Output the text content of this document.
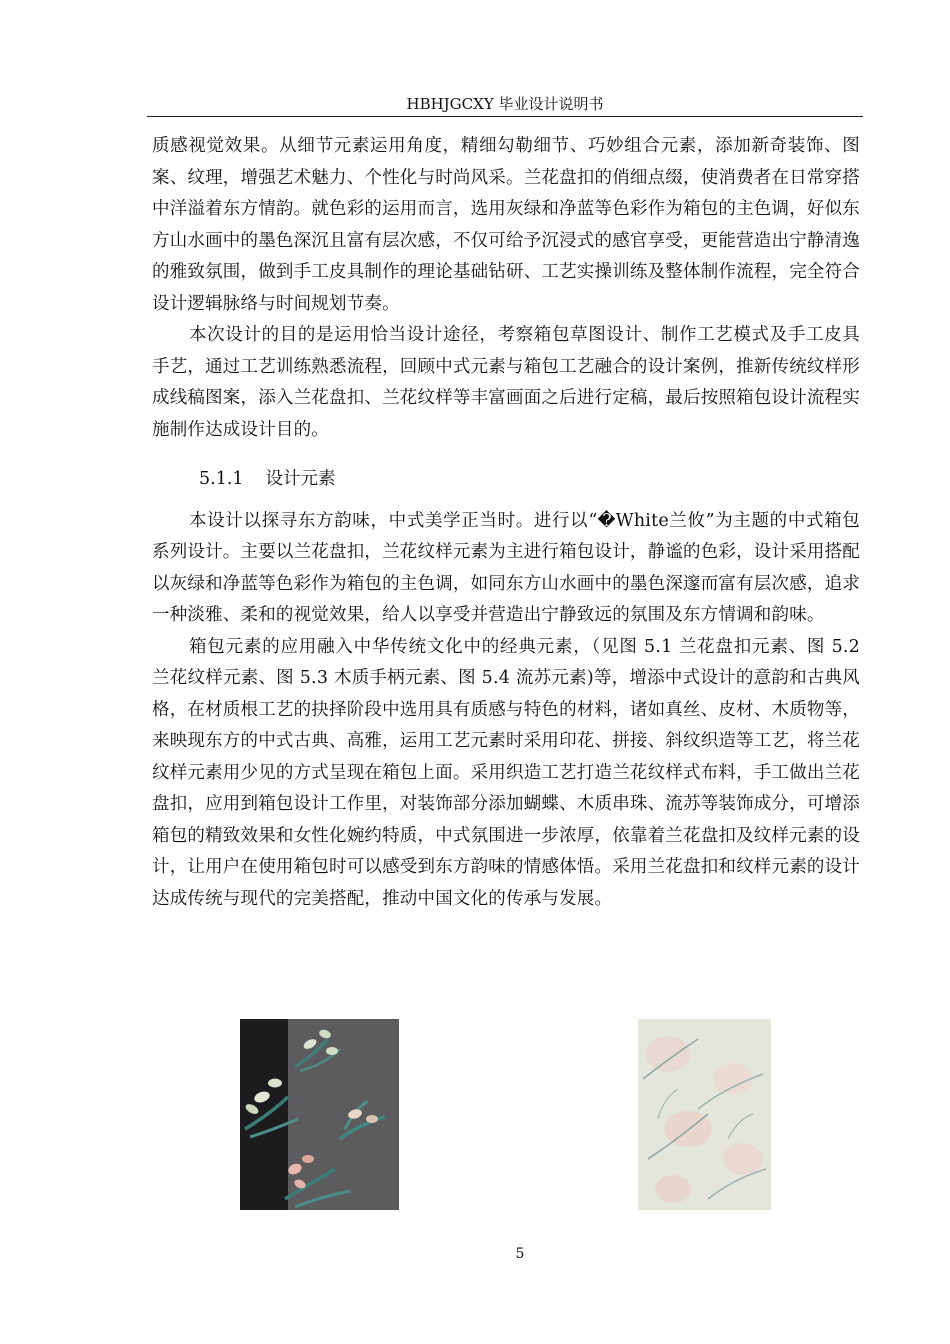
HBHJGCXY 毕业设计说明书

质感视觉效果。从细节元素运用角度，精细勾勒细节、巧妙组合元素，添加新奇装饰、图案、纹理，增强艺术魅力、个性化与时尚风采。兰花盘扣的俏细点缀，使消费者在日常穿搭中洋溢着东方情韵。就色彩的运用而言，选用灰绿和净蓝等色彩作为箱包的主色调，好似东方山水画中的墨色深沉且富有层次感，不仅可给予沉浸式的感官享受，更能营造出宁静清逸的雅致氛围，做到手工皮具制作的理论基础钻研、工艺实操训练及整体制作流程，完全符合设计逻辑脉络与时间规划节奏。

本次设计的目的是运用恰当设计途径，考察箱包草图设计、制作工艺模式及手工皮具手艺，通过工艺训练熟悉流程，回顾中式元素与箱包工艺融合的设计案例，推新传统纹样形成线稿图案，添入兰花盘扣、兰花纹样等丰富画面之后进行定稿，最后按照箱包设计流程实施制作达成设计目的。

5.1.1 设计元素

本设计以探寻东方韵味，中式美学正当时。进行以“�White兰攸”为主题的中式箱包系列设计。主要以兰花盘扣，兰花纹样元素为主进行箱包设计，静谧的色彩，设计采用搭配以灰绿和净蓝等色彩作为箱包的主色调，如同东方山水画中的墨色深邃而富有层次感，追求一种淡雅、柔和的视觉效果，给人以享受并营造出宁静致远的氛围及东方情调和韵味。

箱包元素的应用融入中华传统文化中的经典元素，（见图 5.1 兰花盘扣元素、图 5.2 兰花纹样元素、图 5.3 木质手柄元素、图 5.4 流苏元素)等，增添中式设计的意韵和古典风格，在材质根工艺的抉择阶段中选用具有质感与特色的材料，诸如真丝、皮材、木质物等，来映现东方的中式古典、高雅，运用工艺元素时采用印花、拼接、斜纹织造等工艺，将兰花纹样元素用少见的方式呈现在箱包上面。采用织造工艺打造兰花纹样式布料，手工做出兰花盘扣，应用到箱包设计工作里，对装饰部分添加蝴蝶、木质串珠、流苏等装饰成分，可增添箱包的精致效果和女性化婉约特质，中式氛围进一步浓厚，依靠着兰花盘扣及纹样元素的设计，让用户在使用箱包时可以感受到东方韵味的情感体悟。采用兰花盘扣和纹样元素的设计达成传统与现代的完美搭配，推动中国文化的传承与发展。

5
